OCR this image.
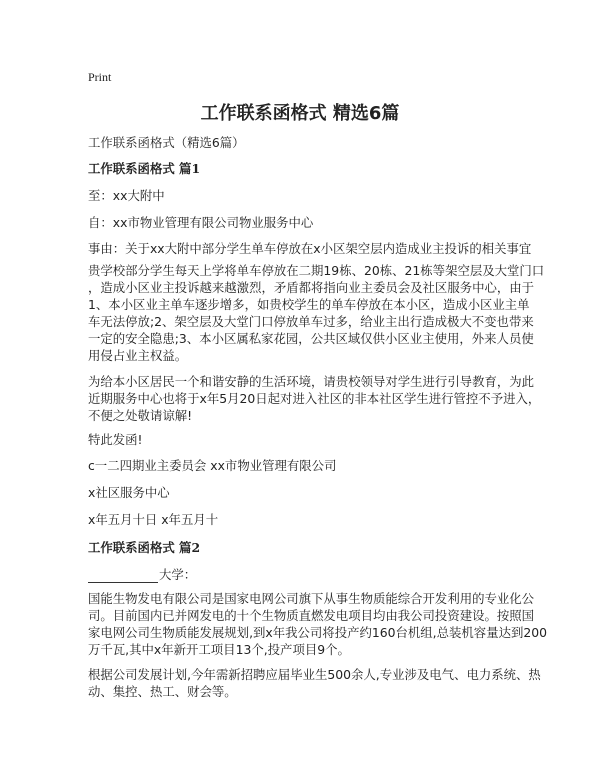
Print
工作联系函格式 精选6篇
工作联系函格式（精选6篇）
工作联系函格式 篇1
至：xx大附中
自：xx市物业管理有限公司物业服务中心
事由：关于xx大附中部分学生单车停放在x小区架空层内造成业主投诉的相关事宜
贵学校部分学生每天上学将单车停放在二期19栋、20栋、21栋等架空层及大堂门口
，造成小区业主投诉越来越激烈，矛盾都将指向业主委员会及社区服务中心，由于
1、本小区业主单车逐步增多，如贵校学生的单车停放在本小区，造成小区业主单
车无法停放;2、架空层及大堂门口停放单车过多，给业主出行造成极大不变也带来
一定的安全隐患;3、本小区属私家花园，公共区域仅供小区业主使用，外来人员使
用侵占业主权益。
为给本小区居民一个和谐安静的生活环境，请贵校领导对学生进行引导教育，为此
近期服务中心也将于x年5月20日起对进入社区的非本社区学生进行管控不予进入，
不便之处敬请谅解!
特此发函!
c一二四期业主委员会 xx市物业管理有限公司
x社区服务中心
x年五月十日 x年五月十
工作联系函格式 篇2
大学：
国能生物发电有限公司是国家电网公司旗下从事生物质能综合开发利用的专业化公
司。目前国内已并网发电的十个生物质直燃发电项目均由我公司投资建设。按照国
家电网公司生物质能发展规划,到x年我公司将投产约160台机组,总装机容量达到200
万千瓦,其中x年新开工项目13个,投产项目9个。
根据公司发展计划,今年需新招聘应届毕业生500余人,专业涉及电气、电力系统、热
动、集控、热工、财会等。
